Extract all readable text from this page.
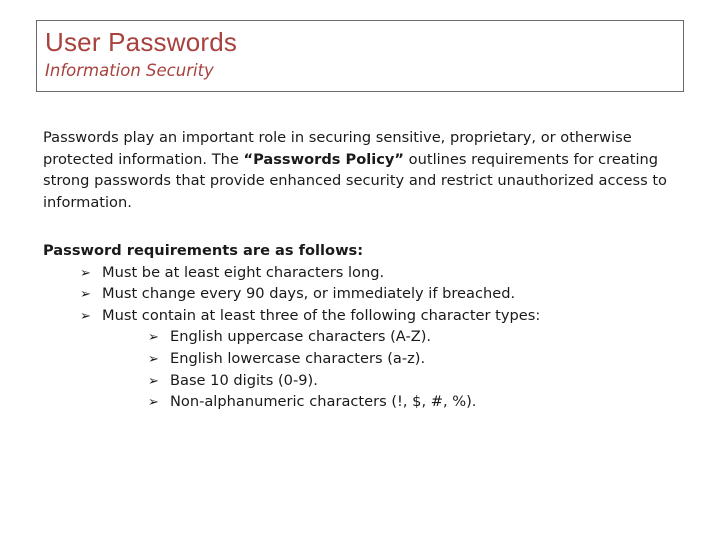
User Passwords
Information Security

Passwords play an important role in securing sensitive, proprietary, or otherwise protected information. The “Passwords Policy” outlines requirements for creating strong passwords that provide enhanced security and restrict unauthorized access to information.

Password requirements are as follows:

➢ Must be at least eight characters long.
➢ Must change every 90 days, or immediately if breached.
➢ Must contain at least three of the following character types:
➢ English uppercase characters (A-Z).
➢ English lowercase characters (a-z).
➢ Base 10 digits (0-9).
➢ Non-alphanumeric characters (!, $, #, %).
